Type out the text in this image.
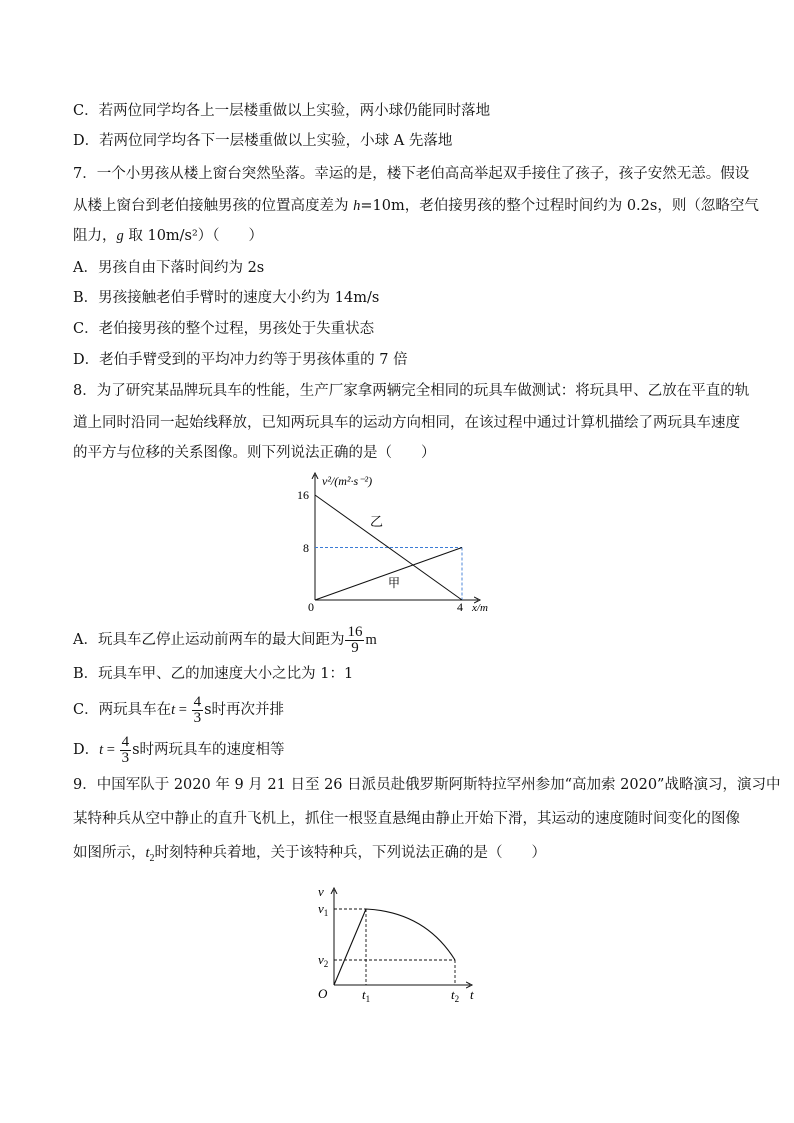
C．若两位同学均各上一层楼重做以上实验，两小球仍能同时落地
D．若两位同学均各下一层楼重做以上实验，小球 A 先落地
7．一个小男孩从楼上窗台突然坠落。幸运的是，楼下老伯高高举起双手接住了孩子，孩子安然无恙。假设
从楼上窗台到老伯接触男孩的位置高度差为 h=10m，老伯接男孩的整个过程时间约为 0.2s，则（忽略空气
阻力，g 取 10m/s²）（　　）
A．男孩自由下落时间约为 2s
B．男孩接触老伯手臂时的速度大小约为 14m/s
C．老伯接男孩的整个过程，男孩处于失重状态
D．老伯手臂受到的平均冲力约等于男孩体重的 7 倍
8．为了研究某品牌玩具车的性能，生产厂家拿两辆完全相同的玩具车做测试：将玩具甲、乙放在平直的轨
道上同时沿同一起始线释放，已知两玩具车的运动方向相同，在该过程中通过计算机描绘了两玩具车速度
的平方与位移的关系图像。则下列说法正确的是（　　）
v²/(m²·s⁻²)
16
8
0	4 x/m
乙
甲
A．玩具车乙停止运动前两车的最大间距为 $\frac{16}{9}$ m
B．玩具车甲、乙的加速度大小之比为 1：1
C．两玩具车在$t = \frac{4}{3}$ s时再次并排
D．$t = \frac{4}{3}$ s时两玩具车的速度相等
9．中国军队于 2020 年 9 月 21 日至 26 日派员赴俄罗斯阿斯特拉罕州参加“高加索 2020”战略演习，演习中
某特种兵从空中静止的直升飞机上，抓住一根竖直悬绳由静止开始下滑，其运动的速度随时间变化的图像
如图所示，$t_2$时刻特种兵着地，关于该特种兵，下列说法正确的是（　　）
v
$v_1$
$v_2$
O	$t_1$	$t_2$ t
